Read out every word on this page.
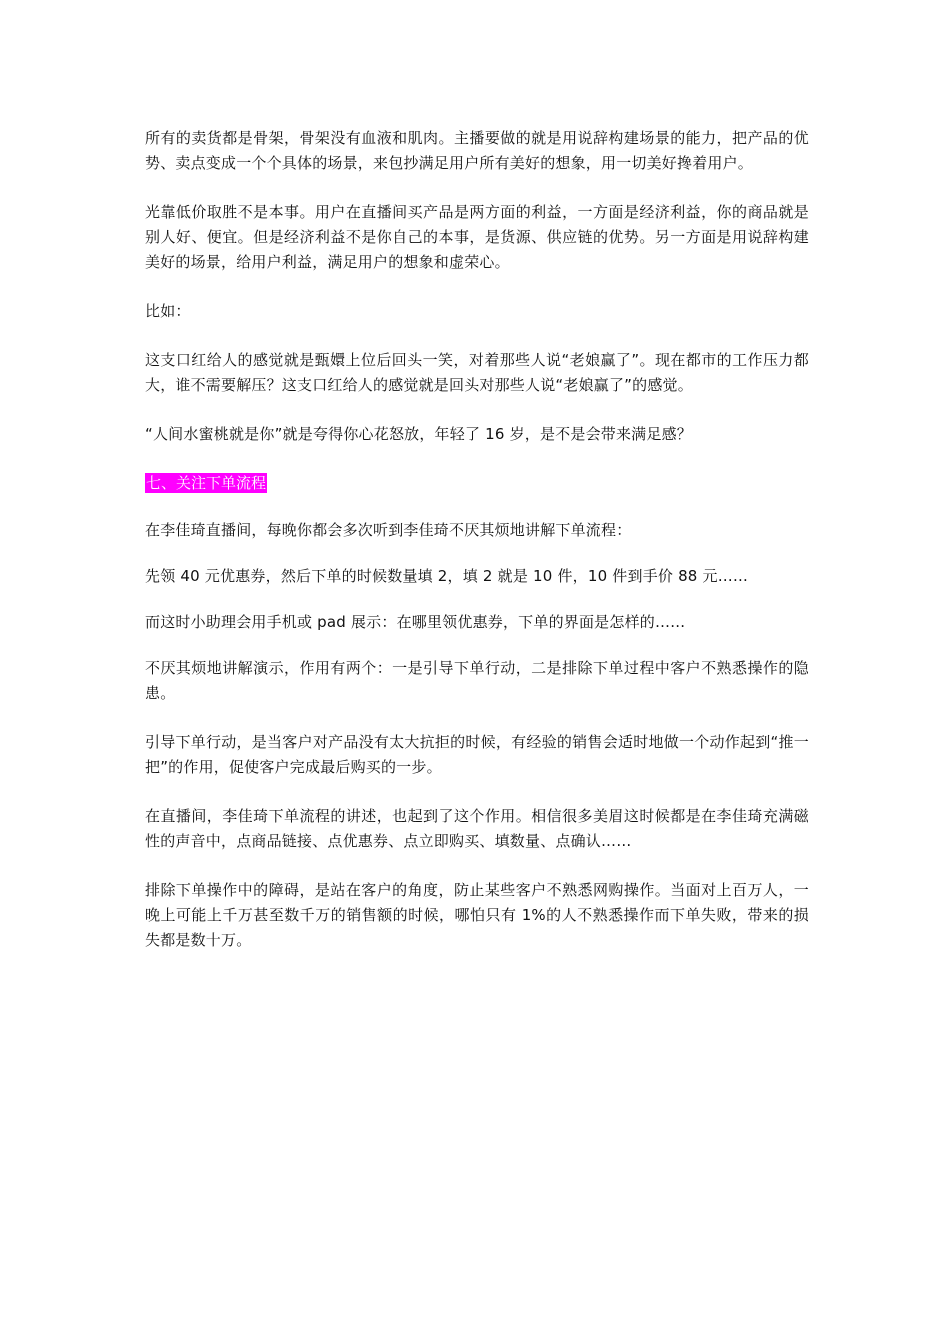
所有的卖货都是骨架，骨架没有血液和肌肉。主播要做的就是用说辞构建场景的能力，把产品的优势、卖点变成一个个具体的场景，来包抄满足用户所有美好的想象，用一切美好搀着用户。

光靠低价取胜不是本事。用户在直播间买产品是两方面的利益，一方面是经济利益，你的商品就是别人好、便宜。但是经济利益不是你自己的本事，是货源、供应链的优势。另一方面是用说辞构建美好的场景，给用户利益，满足用户的想象和虚荣心。

比如：

这支口红给人的感觉就是甄嬛上位后回头一笑，对着那些人说“老娘赢了”。现在都市的工作压力都大，谁不需要解压？这支口红给人的感觉就是回头对那些人说“老娘赢了”的感觉。

“人间水蜜桃就是你”就是夸得你心花怒放，年轻了 16 岁，是不是会带来满足感？

七、关注下单流程

在李佳琦直播间，每晚你都会多次听到李佳琦不厌其烦地讲解下单流程：

先领 40 元优惠券，然后下单的时候数量填 2，填 2 就是 10 件，10 件到手价 88 元……

而这时小助理会用手机或 pad 展示：在哪里领优惠券，下单的界面是怎样的……

不厌其烦地讲解演示，作用有两个：一是引导下单行动，二是排除下单过程中客户不熟悉操作的隐患。

引导下单行动，是当客户对产品没有太大抗拒的时候，有经验的销售会适时地做一个动作起到“推一把”的作用，促使客户完成最后购买的一步。

在直播间，李佳琦下单流程的讲述，也起到了这个作用。相信很多美眉这时候都是在李佳琦充满磁性的声音中，点商品链接、点优惠券、点立即购买、填数量、点确认……

排除下单操作中的障碍，是站在客户的角度，防止某些客户不熟悉网购操作。当面对上百万人，一晚上可能上千万甚至数千万的销售额的时候，哪怕只有 1%的人不熟悉操作而下单失败，带来的损失都是数十万。
